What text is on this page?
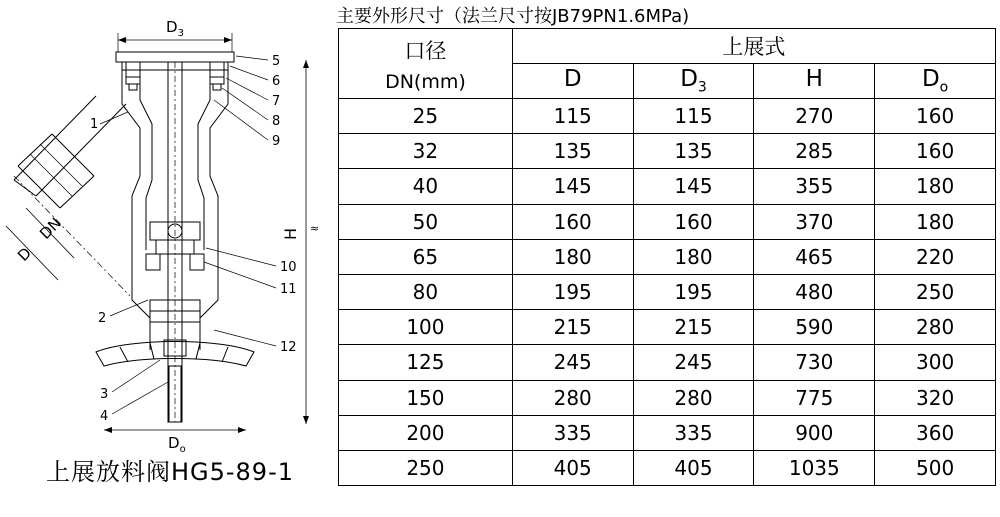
$D_3$
H ≈
$D_o$
DN
D
1
2
3
4
5
6
7
8
9
10
11
12
上展放料阀HG5-89-1
主要外形尺寸（法兰尺寸按JB79PN1.6MPa)
口径
DN(mm)	上展式			
	D	$D_3$	H	$D_o$
25	115	115	270	160
32	135	135	285	160
40	145	145	355	180
50	160	160	370	180
65	180	180	465	220
80	195	195	480	250
100	215	215	590	280
125	245	245	730	300
150	280	280	775	320
200	335	335	900	360
250	405	405	1035	500
